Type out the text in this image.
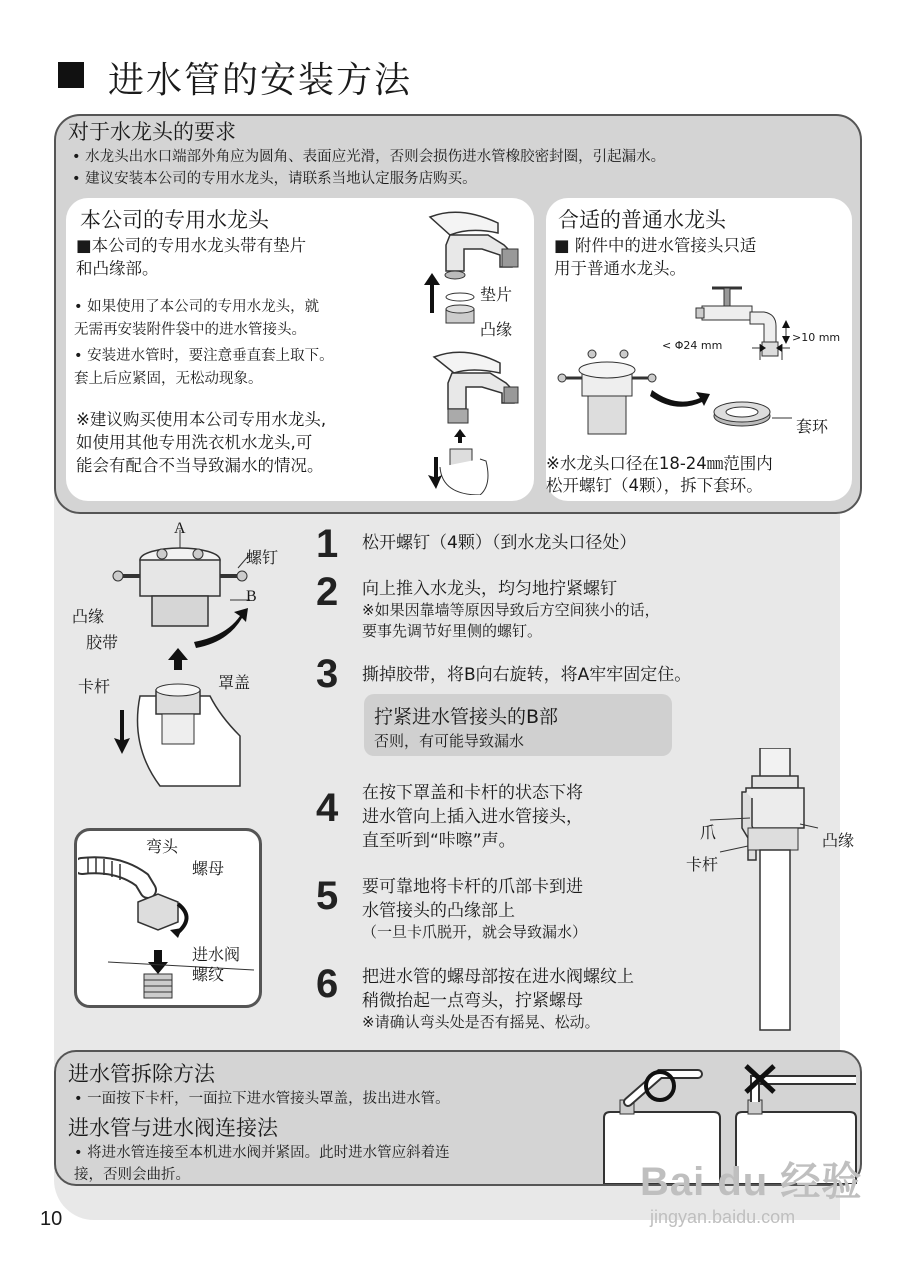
进水管的安装方法
对于水龙头的要求
• 水龙头出水口端部外角应为圆角、表面应光滑，否则会损伤进水管橡胶密封圈，引起漏水。
• 建议安装本公司的专用水龙头，请联系当地认定服务店购买。
本公司的专用水龙头
■本公司的专用水龙头带有垫片
和凸缘部。
• 如果使用了本公司的专用水龙头，就
无需再安装附件袋中的进水管接头。
• 安装进水管时，要注意垂直套上取下。
套上后应紧固，无松动现象。
※建议购买使用本公司专用水龙头,
如使用其他专用洗衣机水龙头,可
能会有配合不当导致漏水的情况。
垫片
凸缘
合适的普通水龙头
■ 附件中的进水管接头只适
用于普通水龙头。
< Φ24 mm
>10 mm
套环
※水龙头口径在18-24㎜范围内
松开螺钉（4颗），拆下套环。
A
B
螺钉
凸缘
胶带
卡杆	罩盖
弯头
螺母
进水阀
螺纹
1 松开螺钉（4颗）（到水龙头口径处）
2 向上推入水龙头，均匀地拧紧螺钉
※如果因靠墙等原因导致后方空间狭小的话，
要事先调节好里侧的螺钉。
3 撕掉胶带，将B向右旋转，将A牢牢固定住。
拧紧进水管接头的B部
否则，有可能导致漏水
4 在按下罩盖和卡杆的状态下将
进水管向上插入进水管接头，
直至听到“咔嚓”声。
5 要可靠地将卡杆的爪部卡到进
水管接头的凸缘部上
（一旦卡爪脱开，就会导致漏水）
6 把进水管的螺母部按在进水阀螺纹上
稍微抬起一点弯头，拧紧螺母
※请确认弯头处是否有摇晃、松动。
爪	凸缘
卡杆
进水管拆除方法
• 一面按下卡杆，一面拉下进水管接头罩盖，拔出进水管。
进水管与进水阀连接法
• 将进水管连接至本机进水阀并紧固。此时进水管应斜着连
接，否则会曲折。
10
Bai du 经验
jingyan.baidu.com
